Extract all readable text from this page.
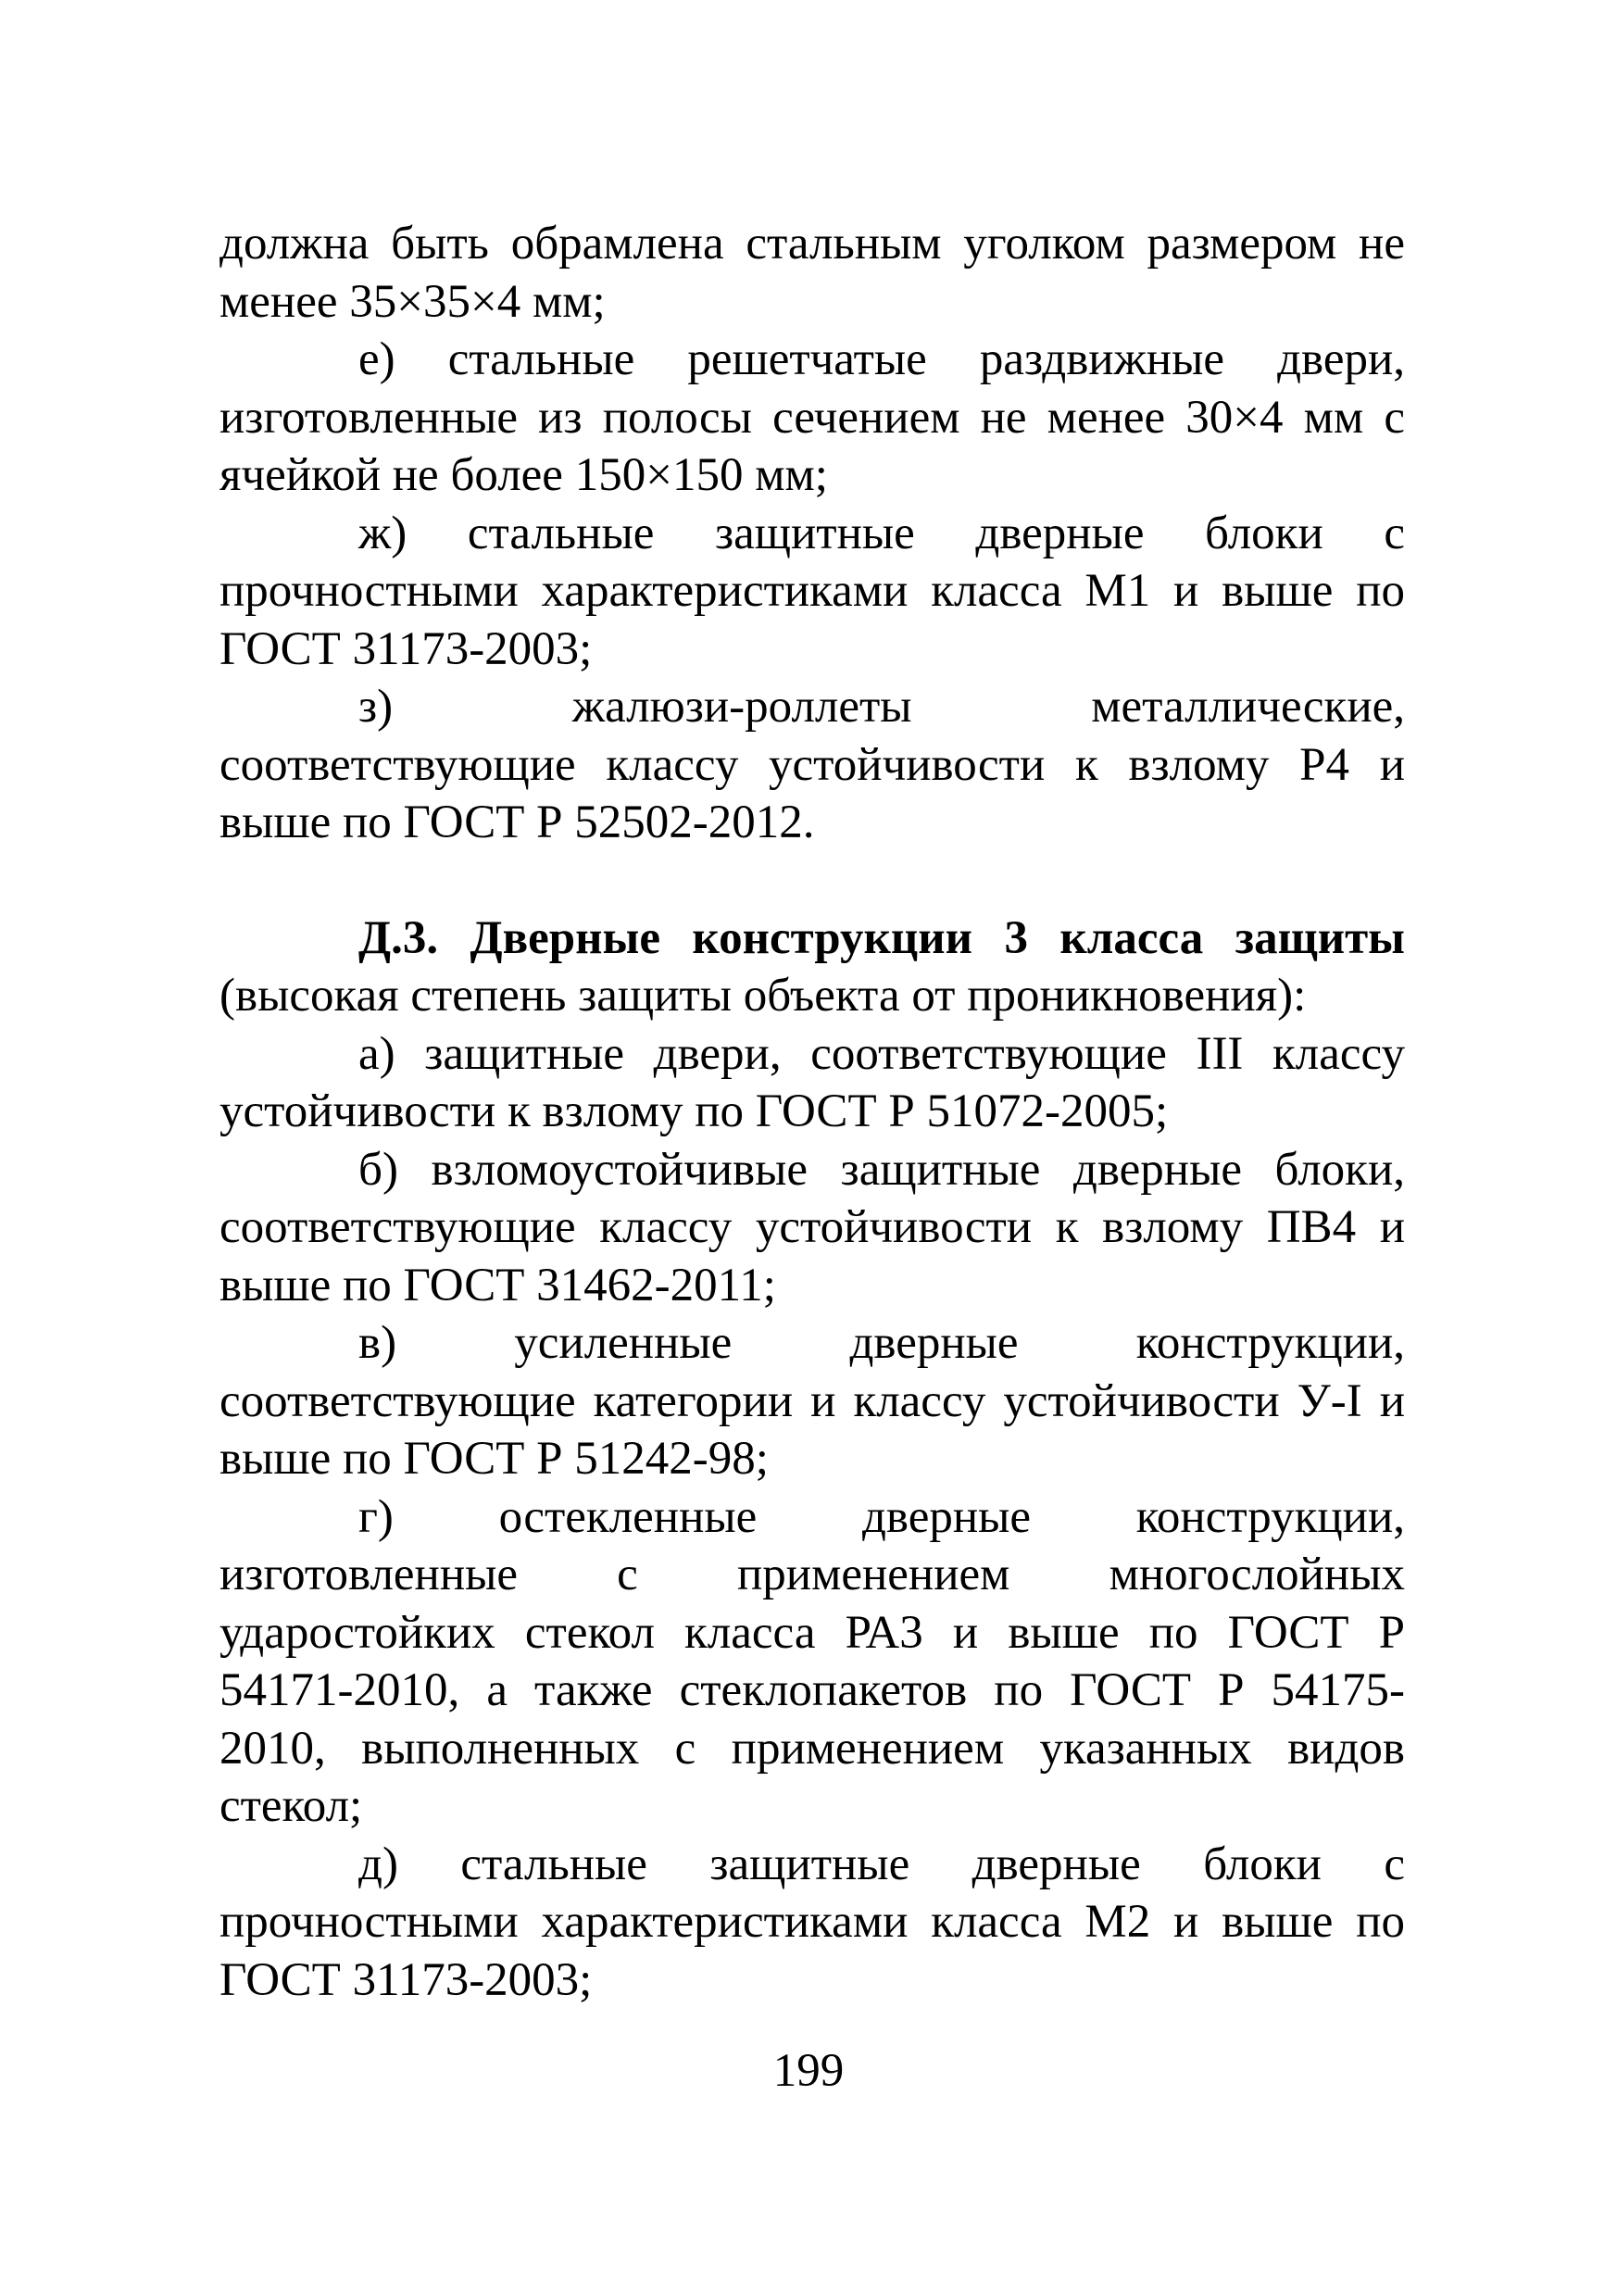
должна быть обрамлена стальным уголком размером не менее 35×35×4 мм;

е) стальные решетчатые раздвижные двери, изготовленные из полосы сечением не менее 30×4 мм с ячейкой не более 150×150 мм;

ж) стальные защитные дверные блоки с прочностными характеристиками класса М1 и выше по ГОСТ 31173-2003;

з) жалюзи-роллеты металлические, соответствующие классу устойчивости к взлому Р4 и выше по ГОСТ Р 52502-2012.

Д.3. Дверные конструкции 3 класса защиты (высокая степень защиты объекта от проникновения):

а) защитные двери, соответствующие III классу устойчивости к взлому по ГОСТ Р 51072-2005;

б) взломоустойчивые защитные дверные блоки, соответствующие классу устойчивости к взлому ПВ4 и выше по ГОСТ 31462-2011;

в) усиленные дверные конструкции, соответствующие категории и классу устойчивости У-I и выше по ГОСТ Р 51242-98;

г) остекленные дверные конструкции, изготовленные с применением многослойных ударостойких стекол класса РА3 и выше по ГОСТ Р 54171-2010, а также стеклопакетов по ГОСТ Р 54175-2010, выполненных с применением указанных видов стекол;

д) стальные защитные дверные блоки с прочностными характеристиками класса М2 и выше по ГОСТ 31173-2003;

199
